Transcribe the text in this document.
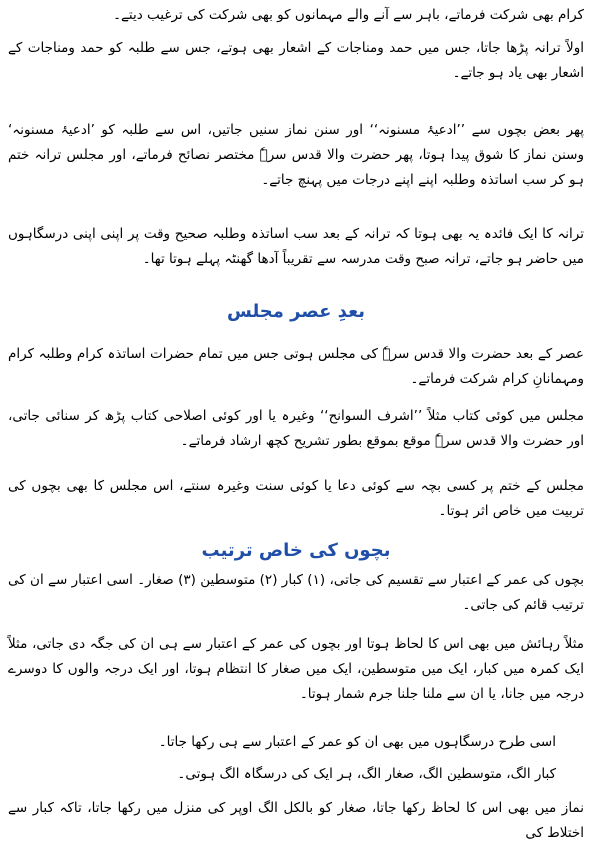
کرام بھی شرکت فرماتے، باہر سے آنے والے مہمانوں کو بھی شرکت کی ترغیب دیتے۔

اولاً ترانہ پڑھا جاتا، جس میں حمد ومناجات کے اشعار بھی ہوتے، جس سے طلبہ کو حمد ومناجات کے اشعار بھی یاد ہو جاتے۔

پھر بعض بچوں سے ’’ادعیۂ مسنونہ‘‘ اور سنن نماز سنیں جاتیں، اس سے طلبہ کو ’ادعیۂ مسنونہ‘ وسنن نماز کا شوق پیدا ہوتا، پھر حضرت والا قدس سرہٗ مختصر نصائح فرماتے، اور مجلس ترانہ ختم ہو کر سب اساتذہ وطلبہ اپنے اپنے درجات میں پہنچ جاتے۔

ترانہ کا ایک فائدہ یہ بھی ہوتا کہ ترانہ کے بعد سب اساتذہ وطلبہ صحیح وقت پر اپنی اپنی درسگاہوں میں حاضر ہو جاتے، ترانہ صبح وقت مدرسہ سے تقریباً آدھا گھنٹہ پہلے ہوتا تھا۔

بعدِ عصر مجلس

عصر کے بعد حضرت والا قدس سرہٗ کی مجلس ہوتی جس میں تمام حضرات اساتذہ کرام وطلبہ کرام ومہمانانِ کرام شرکت فرماتے۔

مجلس میں کوئی کتاب مثلاً ’’اشرف السوانح‘‘ وغیرہ یا اور کوئی اصلاحی کتاب پڑھ کر سنائی جاتی، اور حضرت والا قدس سرہٗ موقع بموقع بطور تشریح کچھ ارشاد فرماتے۔

مجلس کے ختم پر کسی بچہ سے کوئی دعا یا کوئی سنت وغیرہ سنتے، اس مجلس کا بھی بچوں کی تربیت میں خاص اثر ہوتا۔

بچوں کی خاص ترتیب

بچوں کی عمر کے اعتبار سے تقسیم کی جاتی، (۱) کبار (۲) متوسطین (۳) صغار۔ اسی اعتبار سے ان کی ترتیب قائم کی جاتی۔

مثلاً رہائش میں بھی اس کا لحاظ ہوتا اور بچوں کی عمر کے اعتبار سے ہی ان کی جگہ دی جاتی، مثلاً ایک کمرہ میں کبار، ایک میں متوسطین، ایک میں صغار کا انتظام ہوتا، اور ایک درجہ والوں کا دوسرے درجہ میں جانا، یا ان سے ملنا جلنا جرم شمار ہوتا۔

اسی طرح درسگاہوں میں بھی ان کو عمر کے اعتبار سے ہی رکھا جاتا۔

کبار الگ، متوسطین الگ، صغار الگ، ہر ایک کی درسگاہ الگ ہوتی۔

نماز میں بھی اس کا لحاظ رکھا جاتا، صغار کو بالکل الگ اوپر کی منزل میں رکھا جاتا، تاکہ کبار سے اختلاط کی
